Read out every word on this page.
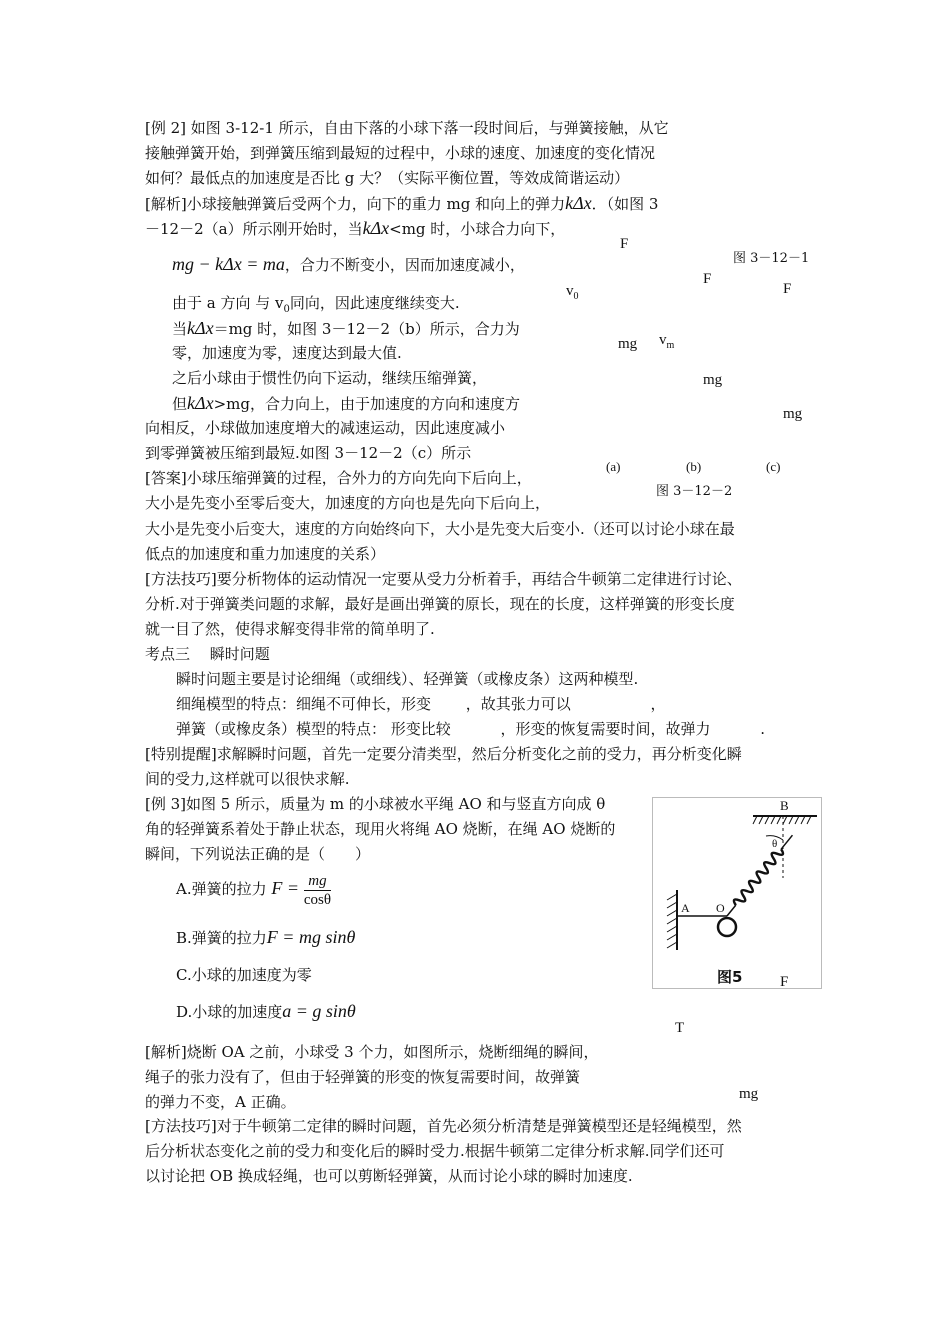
[例 2] 如图 3-12-1 所示，自由下落的小球下落一段时间后，与弹簧接触，从它
接触弹簧开始，到弹簧压缩到最短的过程中，小球的速度、加速度的变化情况
如何？最低点的加速度是否比 g 大？（实际平衡位置，等效成简谐运动）
[解析]小球接触弹簧后受两个力，向下的重力 mg 和向上的弹力kΔx．（如图 3
－12－2（a）所示刚开始时，当kΔx<mg 时，小球合力向下，
mg − kΔx = ma，合力不断变小，因而加速度减小，
由于 a 方向 与 $v_0$同向，因此速度继续变大.
当kΔx＝mg 时，如图 3－12－2（b）所示，合力为
零，加速度为零，速度达到最大值.
之后小球由于惯性仍向下运动，继续压缩弹簧，
但kΔx>mg，合力向上，由于加速度的方向和速度方
向相反，小球做加速度増大的减速运动，因此速度减小
到零弹簧被压缩到最短.如图 3－12－2（c）所示
[答案]小球压缩弹簧的过程，合外力的方向先向下后向上，
大小是先变小至零后变大，加速度的方向也是先向下后向上，
大小是先变小后变大，速度的方向始终向下，大小是先变大后变小.（还可以讨论小球在最
低点的加速度和重力加速度的关系）
[方法技巧]要分析物体的运动情况一定要从受力分析着手，再结合牛顿第二定律进行讨论、
分析.对于弹簧类问题的求解，最好是画出弹簧的原长，现在的长度，这样弹簧的形变长度
就一目了然，使得求解变得非常的简单明了.
考点三　 瞬时问题
瞬时问题主要是讨论细绳（或细线）、轻弹簧（或橡皮条）这两种模型.
细绳模型的特点：细绳不可伸长，形变　　 ，故其张力可以　　　　　 ，
弹簧（或橡皮条）模型的特点： 形变比较　　　 ，形变的恢复需要时间，故弹力　　　 .
[特别提醒]求解瞬时问题，首先一定要分清类型，然后分析变化之前的受力，再分析变化瞬
间的受力,这样就可以很快求解.
[例 3]如图 5 所示，质量为 m 的小球被水平绳 AO 和与竖直方向成 θ
角的轻弹簧系着处于静止状态，现用火将绳 AO 烧断，在绳 AO 烧断的
瞬间，下列说法正确的是（　　）
A.弹簧的拉力 $F = \frac{mg}{\cos\theta}$
B.弹簧的拉力F = mg sinθ
C.小球的加速度为零
D.小球的加速度a = g sinθ
[解析]烧断 OA 之前，小球受 3 个力，如图所示，烧断细绳的瞬间，
绳子的张力没有了，但由于轻弹簧的形变的恢复需要时间，故弹簧
的弹力不变，A 正确。
[方法技巧]对于牛顿第二定律的瞬时问题，首先必须分析清楚是弹簧模型还是轻绳模型，然
后分析状态变化之前的受力和变化后的瞬时受力.根据牛顿第二定律分析求解.同学们还可
以讨论把 OB 换成轻绳，也可以剪断轻弹簧，从而讨论小球的瞬时加速度.
F
图 3－12－1
F
F
$v_0$
mg $v_m$
mg
mg
(a)	(b)	(c)
图 3－12－2
B
θ
A O
图5	F
T
mg
